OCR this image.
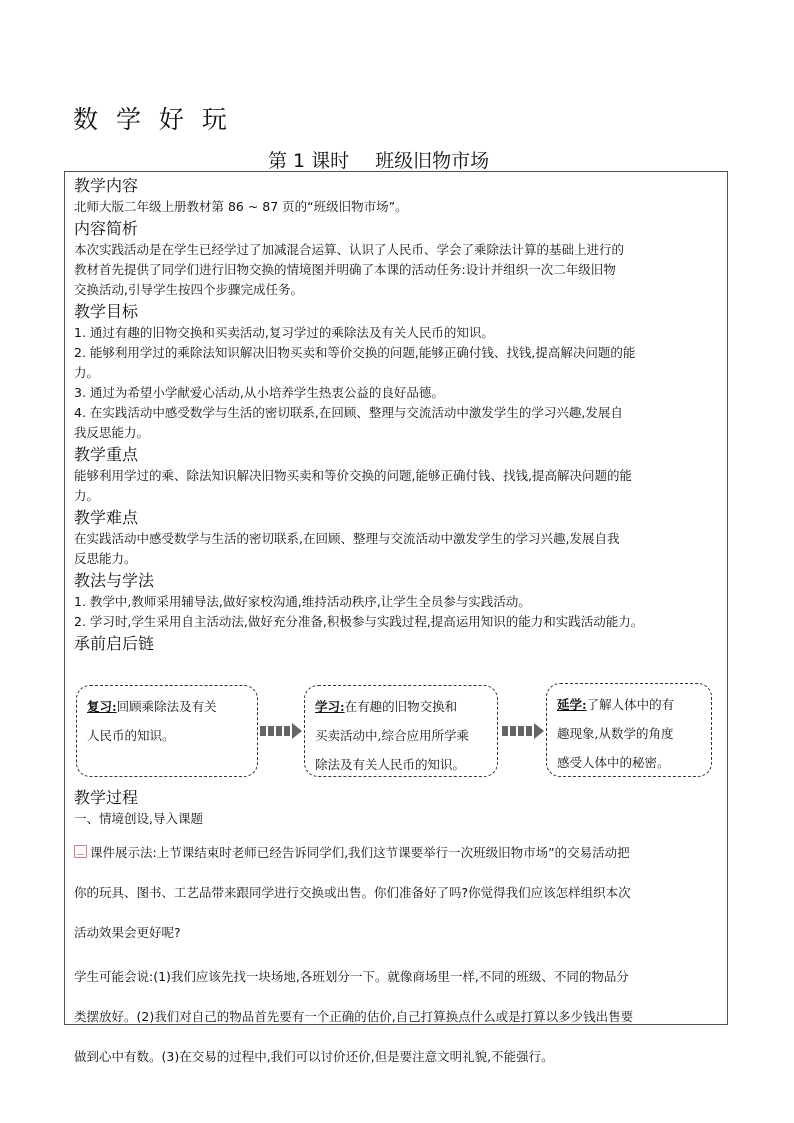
数 学 好 玩
第 1 课时 班级旧物市场
教学内容

北师大版二年级上册教材第 86 ~ 87 页的“班级旧物市场”。

内容简析

本次实践活动是在学生已经学过了加减混合运算、认识了人民币、学会了乘除法计算的基础上进行的

教材首先提供了同学们进行旧物交换的情境图并明确了本课的活动任务:设计并组织一次二年级旧物

交换活动,引导学生按四个步骤完成任务。

教学目标

1. 通过有趣的旧物交换和买卖活动,复习学过的乘除法及有关人民币的知识。

2. 能够利用学过的乘除法知识解决旧物买卖和等价交换的问题,能够正确付钱、找钱,提高解决问题的能

力。

3. 通过为希望小学献爱心活动,从小培养学生热衷公益的良好品德。

4. 在实践活动中感受数学与生活的密切联系,在回顾、整理与交流活动中激发学生的学习兴趣,发展自

我反思能力。

教学重点

能够利用学过的乘、除法知识解决旧物买卖和等价交换的问题,能够正确付钱、找钱,提高解决问题的能

力。

教学难点

在实践活动中感受数学与生活的密切联系,在回顾、整理与交流活动中激发学生的学习兴趣,发展自我

反思能力。

教法与学法

1. 教学中,教师采用辅导法,做好家校沟通,维持活动秩序,让学生全员参与实践活动。

2. 学习时,学生采用自主活动法,做好充分准备,积极参与实践过程,提高运用知识的能力和实践活动能力。

承前启后链
复习:回顾乘除法及有关
人民币的知识。
学习:在有趣的旧物交换和
买卖活动中,综合应用所学乘
除法及有关人民币的知识。
延学:了解人体中的有
趣现象,从数学的角度
感受人体中的秘密。
教学过程

一、情境创设,导入课题

课件展示法:上节课结束时老师已经告诉同学们,我们这节课要举行一次班级旧物市场”的交易活动把

你的玩具、图书、工艺品带来跟同学进行交换或出售。你们准备好了吗?你觉得我们应该怎样组织本次

活动效果会更好呢?

学生可能会说:(1)我们应该先找一块场地,各班划分一下。就像商场里一样,不同的班级、不同的物品分

类摆放好。(2)我们对自己的物品首先要有一个正确的估价,自己打算换点什么或是打算以多少钱出售要

做到心中有数。(3)在交易的过程中,我们可以讨价还价,但是要注意文明礼貌,不能强行。
